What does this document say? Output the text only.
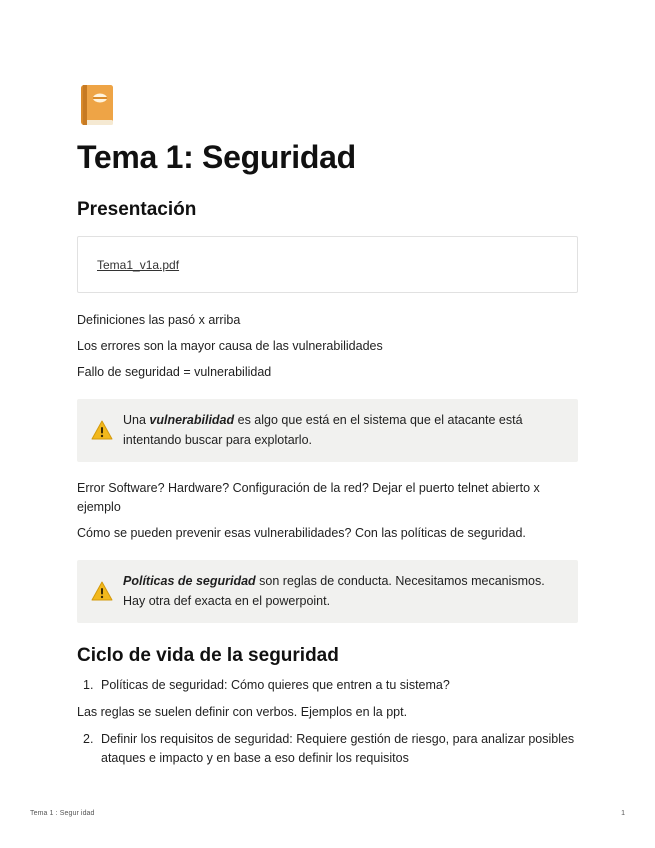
Tema 1: Seguridad
Presentación
Tema1_v1a.pdf

Definiciones las pasó x arriba

Los errores son la mayor causa de las vulnerabilidades

Fallo de seguridad = vulnerabilidad

Una vulnerabilidad es algo que está en el sistema que el atacante está intentando buscar para explotarlo.

Error Software? Hardware? Configuración de la red? Dejar el puerto telnet abierto x ejemplo

Cómo se pueden prevenir esas vulnerabilidades? Con las políticas de seguridad.

Políticas de seguridad son reglas de conducta. Necesitamos mecanismos. Hay otra def exacta en el powerpoint.
Ciclo de vida de la seguridad
1. Políticas de seguridad: Cómo quieres que entren a tu sistema?

Las reglas se suelen definir con verbos. Ejemplos en la ppt.

2. Definir los requisitos de seguridad: Requiere gestión de riesgo, para analizar posibles ataques e impacto y en base a eso definir los requisitos
Tema 1 : Segur idad	1
